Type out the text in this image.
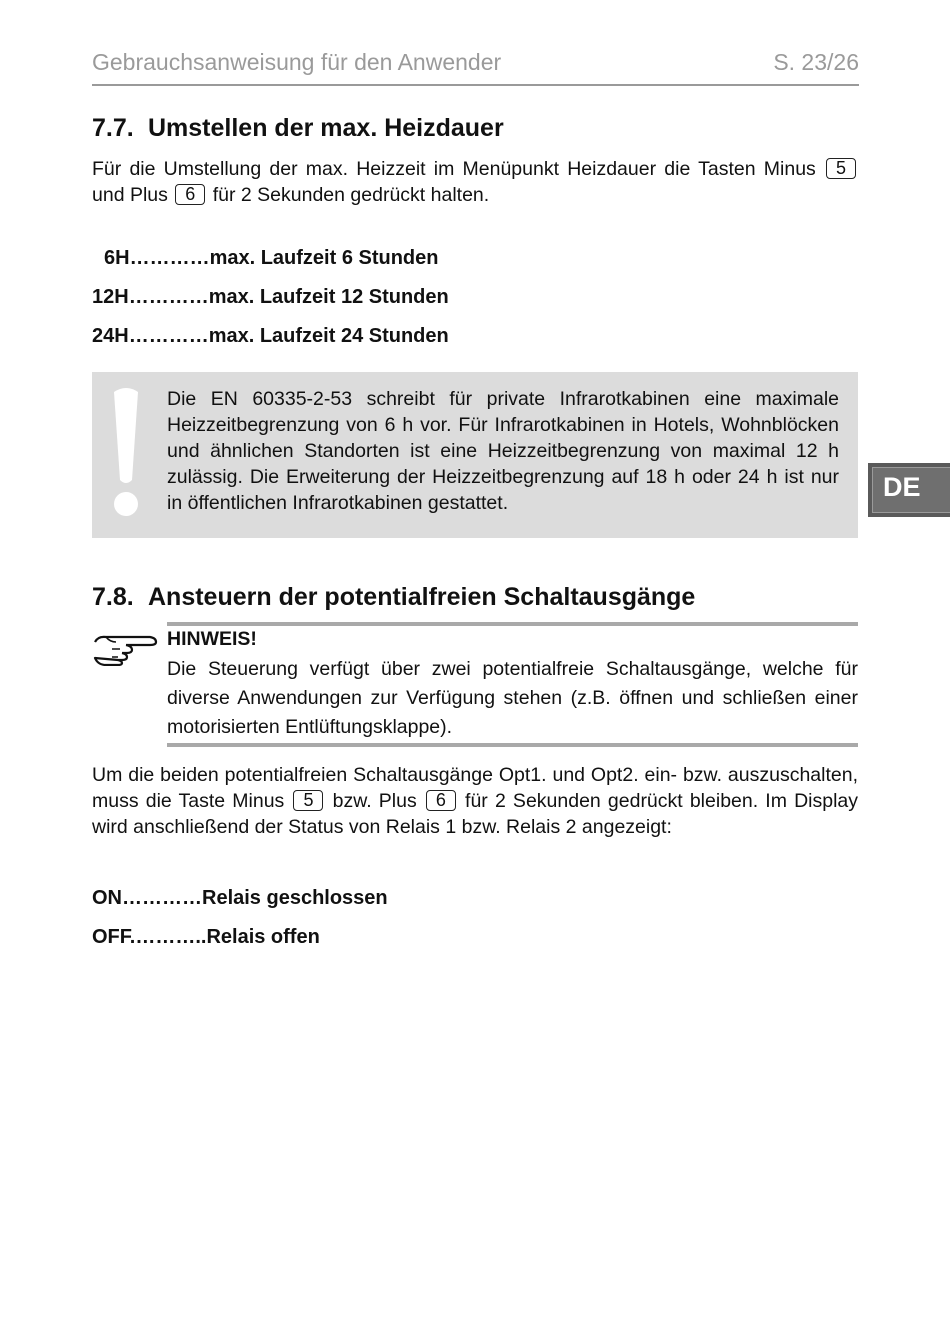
Gebrauchsanweisung für den Anwender	S. 23/26
7.7. Umstellen der max. Heizdauer
Für die Umstellung der max. Heizzeit im Menüpunkt Heizdauer die Tasten Minus 5 und Plus 6 für 2 Sekunden gedrückt halten.
6H…………max. Laufzeit 6 Stunden
12H…………max. Laufzeit 12 Stunden
24H…………max. Laufzeit 24 Stunden
Die EN 60335-2-53 schreibt für private Infrarotkabinen eine maximale Heizzeitbegrenzung von 6 h vor. Für Infrarotkabinen in Hotels, Wohnblöcken und ähnlichen Standorten ist eine Heizzeitbegrenzung von maximal 12 h zulässig. Die Erweiterung der Heizzeitbegrenzung auf 18 h oder 24 h ist nur in öffentlichen Infrarotkabinen gestattet.
7.8. Ansteuern der potentialfreien Schaltausgänge
HINWEIS!
Die Steuerung verfügt über zwei potentialfreie Schaltausgänge, welche für diverse Anwendungen zur Verfügung stehen (z.B. öffnen und schließen einer motorisierten Entlüftungsklappe).
Um die beiden potentialfreien Schaltausgänge Opt1. und Opt2. ein- bzw. auszuschalten, muss die Taste Minus 5 bzw. Plus 6 für 2 Sekunden gedrückt bleiben. Im Display wird anschließend der Status von Relais 1 bzw. Relais 2 angezeigt:
ON…………Relais geschlossen
OFF.………..Relais offen
DE
